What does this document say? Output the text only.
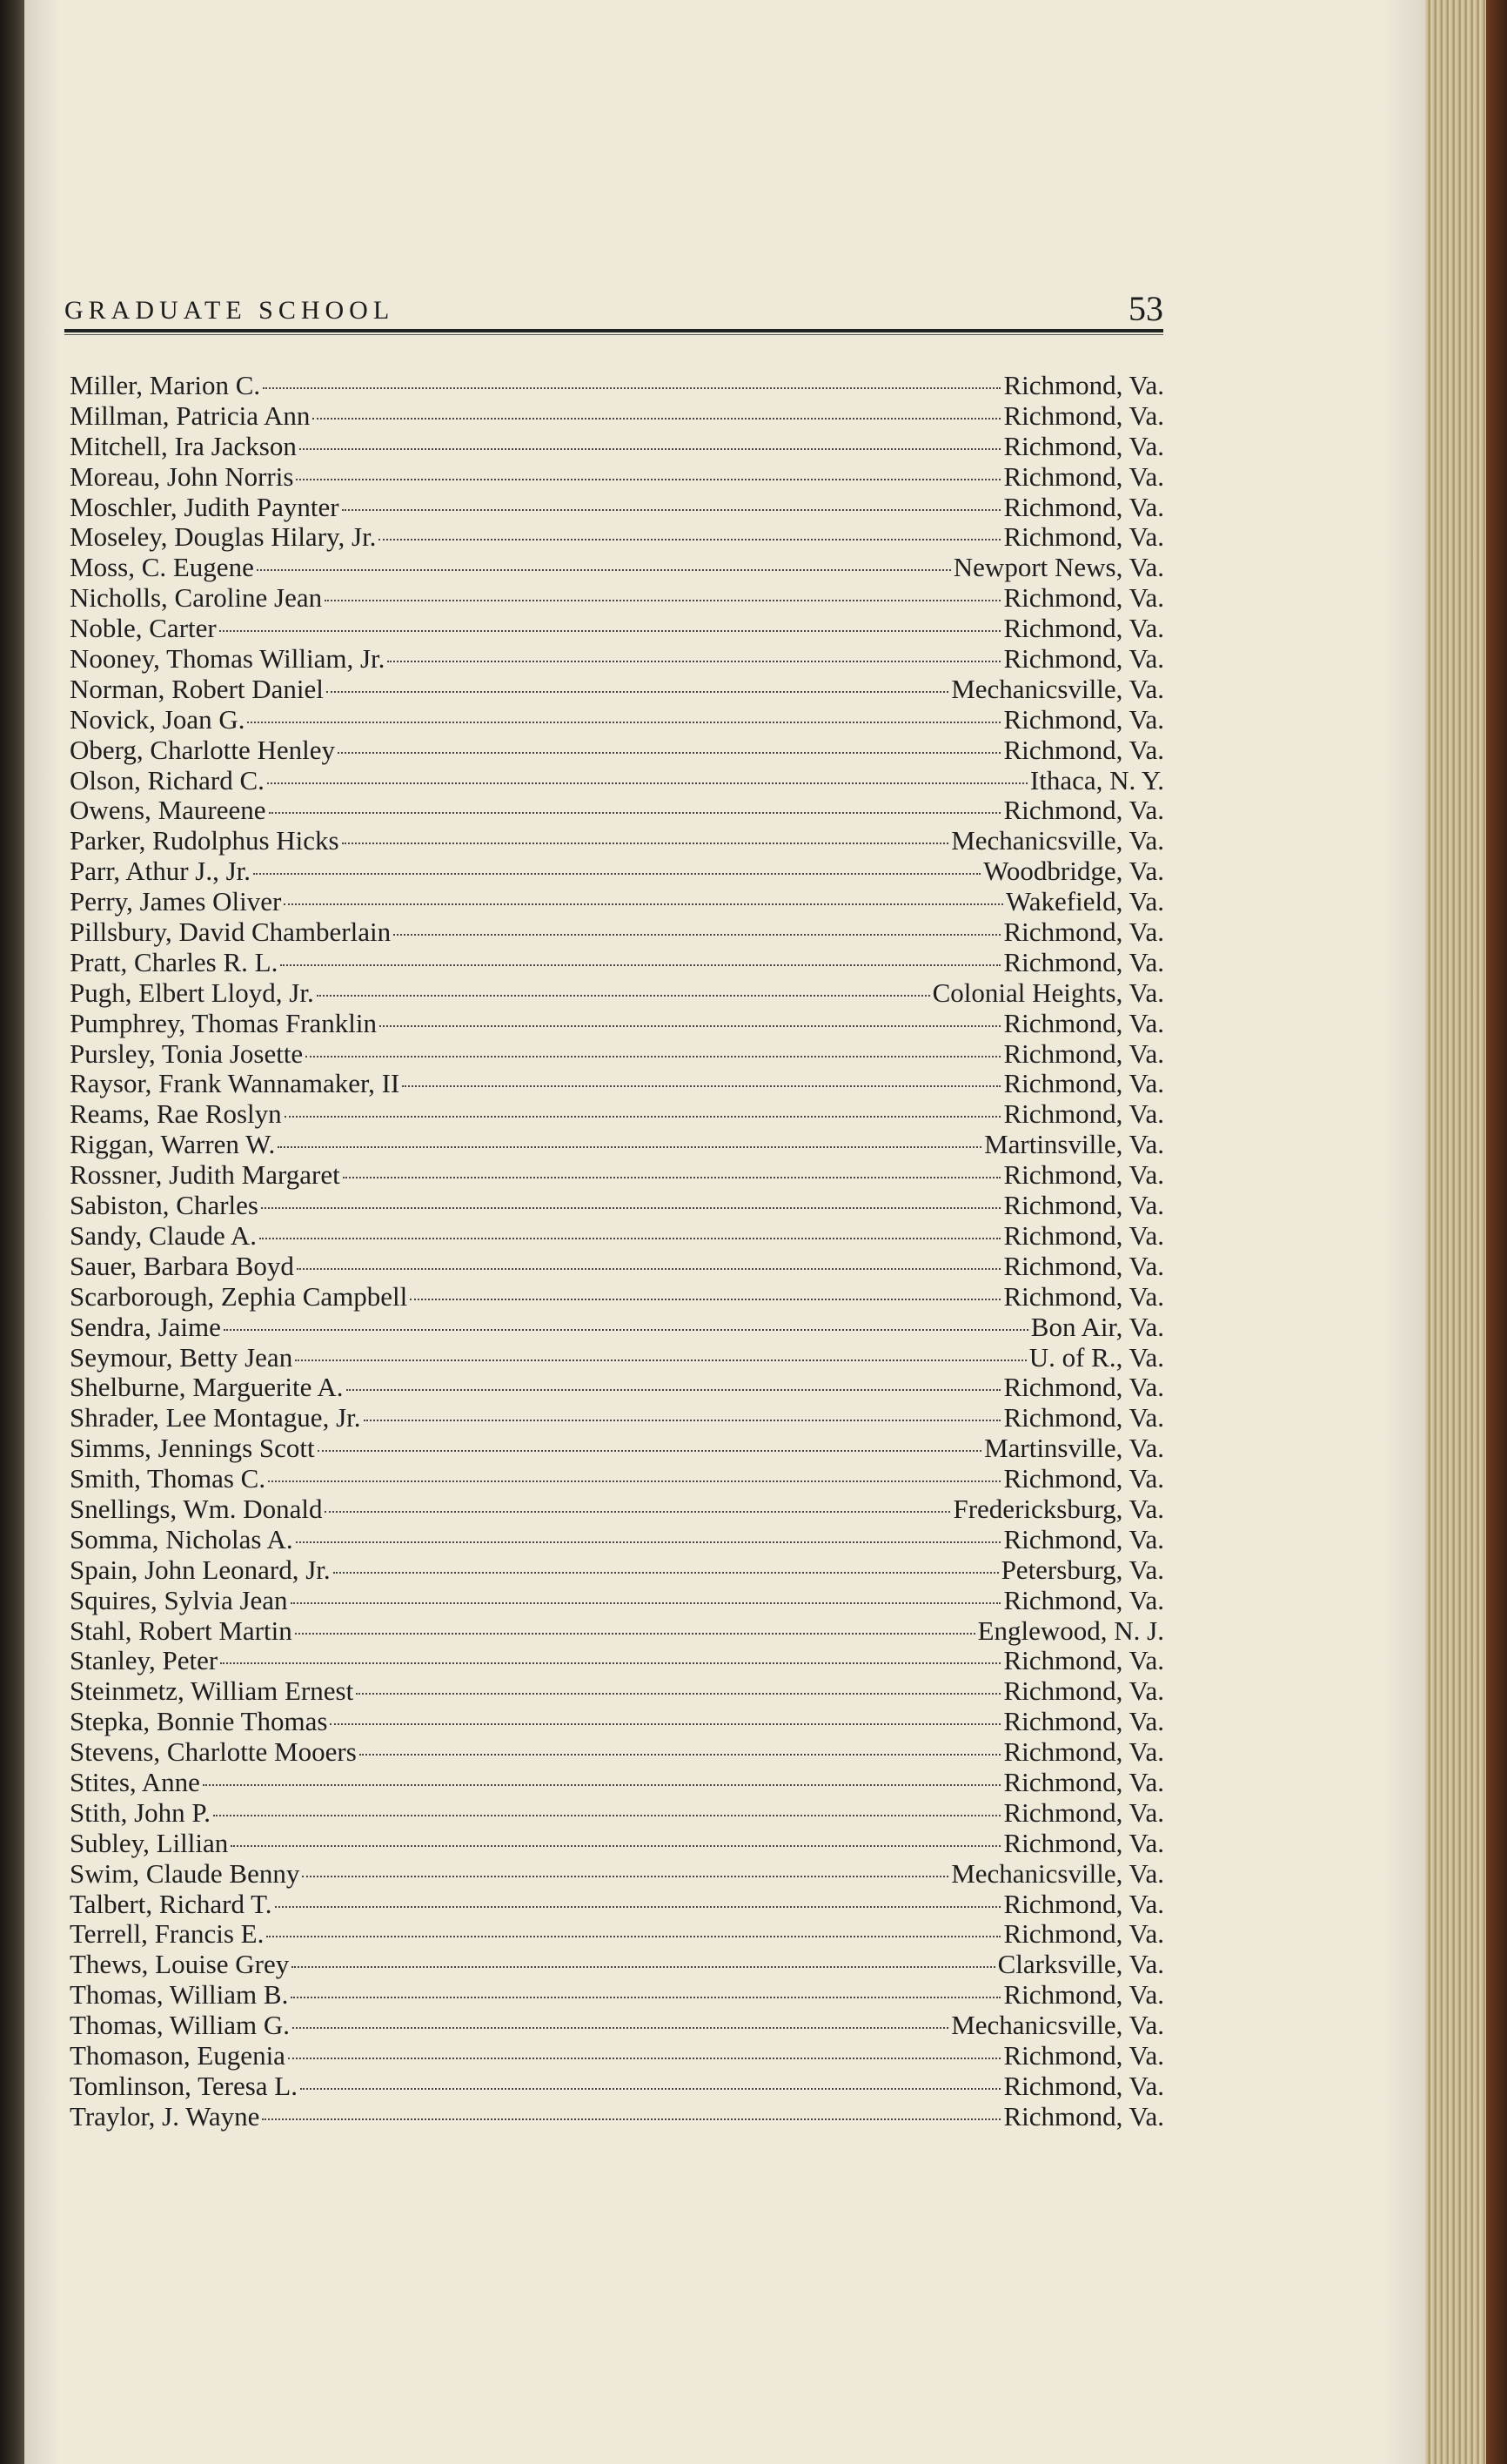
GRADUATE SCHOOL	53
Miller, Marion C.	Richmond, Va.
Millman, Patricia Ann	Richmond, Va.
Mitchell, Ira Jackson	Richmond, Va.
Moreau, John Norris	Richmond, Va.
Moschler, Judith Paynter	Richmond, Va.
Moseley, Douglas Hilary, Jr.	Richmond, Va.
Moss, C. Eugene	Newport News, Va.
Nicholls, Caroline Jean	Richmond, Va.
Noble, Carter	Richmond, Va.
Nooney, Thomas William, Jr.	Richmond, Va.
Norman, Robert Daniel	Mechanicsville, Va.
Novick, Joan G.	Richmond, Va.
Oberg, Charlotte Henley	Richmond, Va.
Olson, Richard C.	Ithaca, N. Y.
Owens, Maureene	Richmond, Va.
Parker, Rudolphus Hicks	Mechanicsville, Va.
Parr, Athur J., Jr.	Woodbridge, Va.
Perry, James Oliver	Wakefield, Va.
Pillsbury, David Chamberlain	Richmond, Va.
Pratt, Charles R. L.	Richmond, Va.
Pugh, Elbert Lloyd, Jr.	Colonial Heights, Va.
Pumphrey, Thomas Franklin	Richmond, Va.
Pursley, Tonia Josette	Richmond, Va.
Raysor, Frank Wannamaker, II	Richmond, Va.
Reams, Rae Roslyn	Richmond, Va.
Riggan, Warren W.	Martinsville, Va.
Rossner, Judith Margaret	Richmond, Va.
Sabiston, Charles	Richmond, Va.
Sandy, Claude A.	Richmond, Va.
Sauer, Barbara Boyd	Richmond, Va.
Scarborough, Zephia Campbell	Richmond, Va.
Sendra, Jaime	Bon Air, Va.
Seymour, Betty Jean	U. of R., Va.
Shelburne, Marguerite A.	Richmond, Va.
Shrader, Lee Montague, Jr.	Richmond, Va.
Simms, Jennings Scott	Martinsville, Va.
Smith, Thomas C.	Richmond, Va.
Snellings, Wm. Donald	Fredericksburg, Va.
Somma, Nicholas A.	Richmond, Va.
Spain, John Leonard, Jr.	Petersburg, Va.
Squires, Sylvia Jean	Richmond, Va.
Stahl, Robert Martin	Englewood, N. J.
Stanley, Peter	Richmond, Va.
Steinmetz, William Ernest	Richmond, Va.
Stepka, Bonnie Thomas	Richmond, Va.
Stevens, Charlotte Mooers	Richmond, Va.
Stites, Anne	Richmond, Va.
Stith, John P.	Richmond, Va.
Subley, Lillian	Richmond, Va.
Swim, Claude Benny	Mechanicsville, Va.
Talbert, Richard T.	Richmond, Va.
Terrell, Francis E.	Richmond, Va.
Thews, Louise Grey	Clarksville, Va.
Thomas, William B.	Richmond, Va.
Thomas, William G.	Mechanicsville, Va.
Thomason, Eugenia	Richmond, Va.
Tomlinson, Teresa L.	Richmond, Va.
Traylor, J. Wayne	Richmond, Va.
